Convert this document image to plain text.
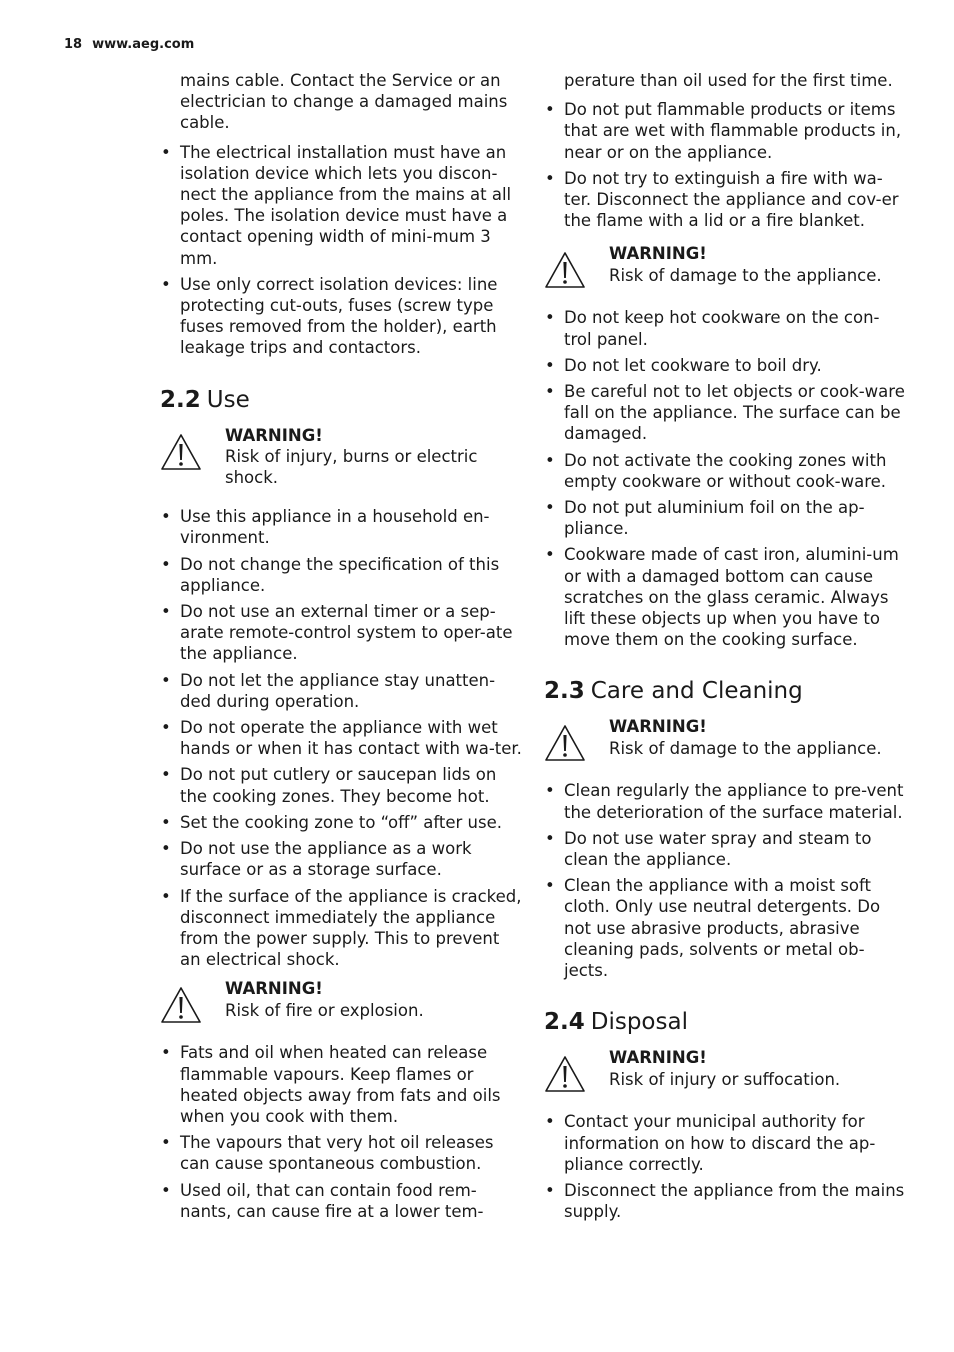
18 www.aeg.com
mains cable. Contact the Service or an electrician to change a damaged mains cable.
• The electrical installation must have an isolation device which lets you discon-nect the appliance from the mains at all poles. The isolation device must have a contact opening width of mini-mum 3 mm.
• Use only correct isolation devices: line protecting cut-outs, fuses (screw type fuses removed from the holder), earth leakage trips and contactors.
2.2 Use
WARNING!
Risk of injury, burns or electric shock.
• Use this appliance in a household en-vironment.
• Do not change the specification of this appliance.
• Do not use an external timer or a sep-arate remote-control system to oper-ate the appliance.
• Do not let the appliance stay unatten-ded during operation.
• Do not operate the appliance with wet hands or when it has contact with wa-ter.
• Do not put cutlery or saucepan lids on the cooking zones. They become hot.
• Set the cooking zone to “off” after use.
• Do not use the appliance as a work surface or as a storage surface.
• If the surface of the appliance is cracked, disconnect immediately the appliance from the power supply. This to prevent an electrical shock.
WARNING!
Risk of fire or explosion.
• Fats and oil when heated can release flammable vapours. Keep flames or heated objects away from fats and oils when you cook with them.
• The vapours that very hot oil releases can cause spontaneous combustion.
• Used oil, that can contain food rem-nants, can cause fire at a lower tem-
perature than oil used for the first time.
• Do not put flammable products or items that are wet with flammable products in, near or on the appliance.
• Do not try to extinguish a fire with wa-ter. Disconnect the appliance and cov-er the flame with a lid or a fire blanket.
WARNING!
Risk of damage to the appliance.
• Do not keep hot cookware on the con-trol panel.
• Do not let cookware to boil dry.
• Be careful not to let objects or cook-ware fall on the appliance. The surface can be damaged.
• Do not activate the cooking zones with empty cookware or without cook-ware.
• Do not put aluminium foil on the ap-pliance.
• Cookware made of cast iron, alumini-um or with a damaged bottom can cause scratches on the glass ceramic. Always lift these objects up when you have to move them on the cooking surface.
2.3 Care and Cleaning
WARNING!
Risk of damage to the appliance.
• Clean regularly the appliance to pre-vent the deterioration of the surface material.
• Do not use water spray and steam to clean the appliance.
• Clean the appliance with a moist soft cloth. Only use neutral detergents. Do not use abrasive products, abrasive cleaning pads, solvents or metal ob-jects.
2.4 Disposal
WARNING!
Risk of injury or suffocation.
• Contact your municipal authority for information on how to discard the ap-pliance correctly.
• Disconnect the appliance from the mains supply.
